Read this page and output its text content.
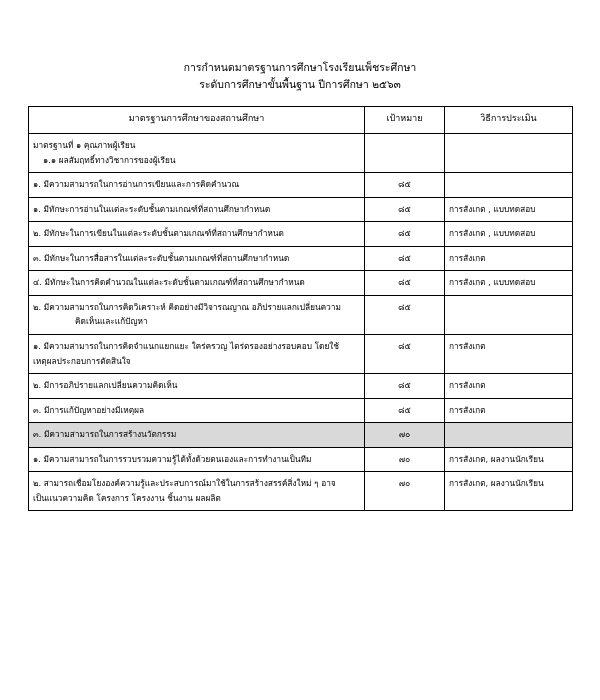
การกำหนดมาตรฐานการศึกษาโรงเรียนเพ็ชระศึกษา
ระดับการศึกษาขั้นพื้นฐาน ปีการศึกษา ๒๕๖๓
มาตรฐานการศึกษาของสถานศึกษา	เป้าหมาย	วิธีการประเมิน

มาตรฐานที่ ๑ คุณภาพผู้เรียน
๑.๑ ผลสัมฤทธิ์ทางวิชาการของผู้เรียน		

๑. มีความสามารถในการอ่านการเขียนและการคิดคำนวณ	๘๕	

๑. มีทักษะการอ่านในแต่ละระดับชั้นตามเกณฑ์ที่สถานศึกษากำหนด	๘๕	การสังเกต , แบบทดสอบ

๒. มีทักษะในการเขียนในแต่ละระดับชั้นตามเกณฑ์ที่สถานศึกษากำหนด	๘๕	การสังเกต , แบบทดสอบ

๓. มีทักษะในการสื่อสารในแต่ละระดับชั้นตามเกณฑ์ที่สถานศึกษากำหนด	๘๕	การสังเกต

๔. มีทักษะในการคิดคำนวณในแต่ละระดับชั้นตามเกณฑ์ที่สถานศึกษากำหนด	๘๕	การสังเกต , แบบทดสอบ

๒. มีความสามารถในการคิดวิเคราะห์ คิดอย่างมีวิจารณญาณ อภิปรายแลกเปลี่ยนความ
คิดเห็นและแก้ปัญหา	๘๕	

๑. มีความสามารถในการคิดจำแนกแยกแยะ ใคร่ครวญ ไตร่ตรองอย่างรอบคอบ โดยใช้
เหตุผลประกอบการตัดสินใจ	๘๕	การสังเกต

๒. มีการอภิปรายแลกเปลี่ยนความคิดเห็น	๘๕	การสังเกต

๓. มีการแก้ปัญหาอย่างมีเหตุผล	๘๕	การสังเกต

๓. มีความสามารถในการสร้างนวัตกรรม	๗๐	

๑. มีความสามารถในการรวบรวมความรู้ได้ทั้งด้วยตนเองและการทำงานเป็นทีม	๗๐	การสังเกต, ผลงานนักเรียน

๒. สามารถเชื่อมโยงองค์ความรู้และประสบการณ์มาใช้ในการสร้างสรรค์สิ่งใหม่ ๆ อาจ
เป็นแนวความคิด โครงการ โครงงาน ชิ้นงาน ผลผลิต	๗๐	การสังเกต, ผลงานนักเรียน
